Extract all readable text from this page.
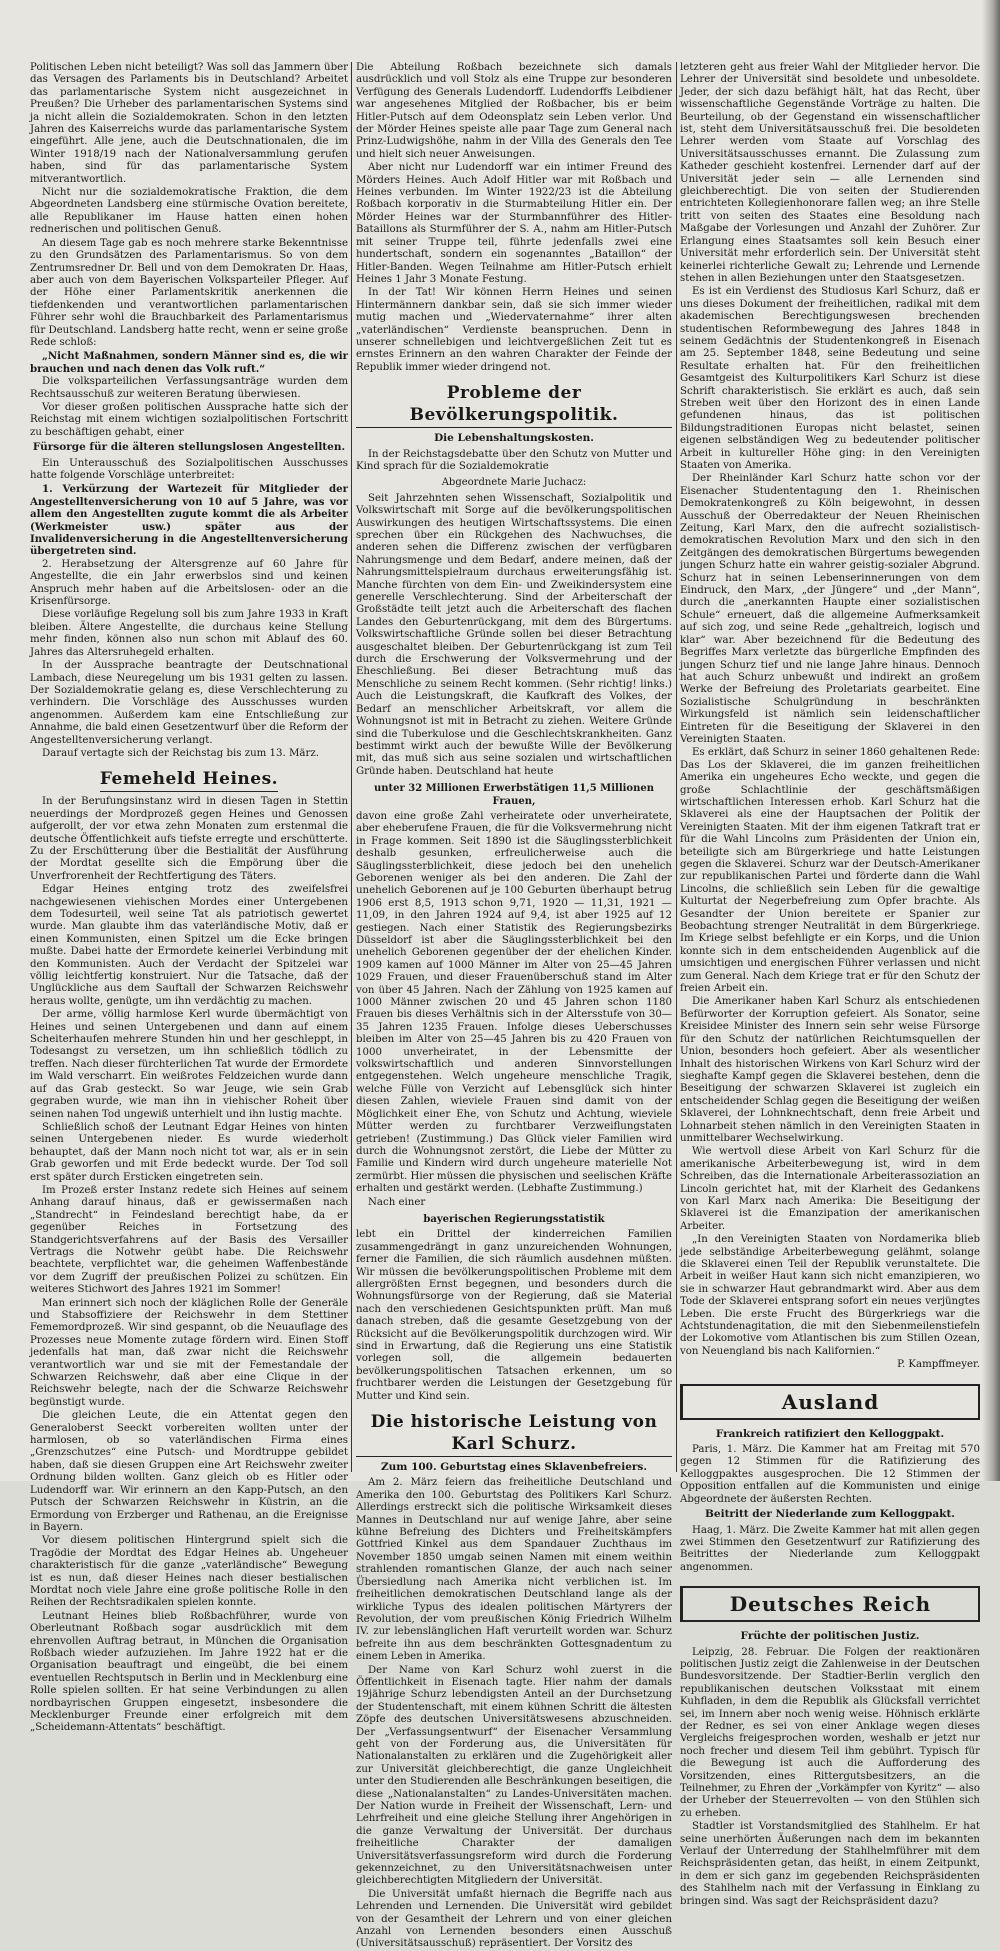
Politischen Leben nicht beteiligt? Was soll das Jammern über das Versagen des Parlaments bis in Deutschland? Arbeitet das parlamentarische System nicht ausgezeichnet in Preußen? Die Urheber des parlamentarischen Systems sind ja nicht allein die Sozialdemokraten. Schon in den letzten Jahren des Kaiserreichs wurde das parlamentarische System eingeführt. Alle jene, auch die Deutschnationalen, die im Winter 1918/19 nach der Nationalversammlung gerufen haben, sind für das parlamentarische System mitverantwortlich.

Nicht nur die sozialdemokratische Fraktion, die dem Abgeordneten Landsberg eine stürmische Ovation bereitete, alle Republikaner im Hause hatten einen hohen rednerischen und politischen Genuß.

An diesem Tage gab es noch mehrere starke Bekenntnisse zu den Grundsätzen des Parlamentarismus. So von dem Zentrumsredner Dr. Bell und von dem Demokraten Dr. Haas, aber auch von dem Bayerischen Volksparteiler Pfleger. Auf der Höhe einer Parlamentskritik anerkennen die tiefdenkenden und verantwortlichen parlamentarischen Führer sehr wohl die Brauchbarkeit des Parlamentarismus für Deutschland. Landsberg hatte recht, wenn er seine große Rede schloß:

„Nicht Maßnahmen, sondern Männer sind es, die wir brauchen und nach denen das Volk ruft.“

Die volksparteilichen Verfassungsanträge wurden dem Rechtsausschuß zur weiteren Beratung überwiesen.

Vor dieser großen politischen Aussprache hatte sich der Reichstag mit einem wichtigen sozialpolitischen Fortschritt zu beschäftigen gehabt, einer

Fürsorge für die älteren stellungslosen Angestellten.

Ein Unterausschuß des Sozialpolitischen Ausschusses hatte folgende Vorschläge unterbreitet:

1. Verkürzung der Wartezeit für Mitglieder der Angestelltenversicherung von 10 auf 5 Jahre, was vor allem den Angestellten zugute kommt die als Arbeiter (Werkmeister usw.) später aus der Invalidenversicherung in die Angestelltenversicherung übergetreten sind.

2. Herabsetzung der Altersgrenze auf 60 Jahre für Angestellte, die ein Jahr erwerbslos sind und keinen Anspruch mehr haben auf die Arbeitslosen- oder an die Krisenfürsorge.

Diese vorläufige Regelung soll bis zum Jahre 1933 in Kraft bleiben. Ältere Angestellte, die durchaus keine Stellung mehr finden, können also nun schon mit Ablauf des 60. Jahres das Altersruhegeld erhalten.

In der Aussprache beantragte der Deutschnational Lambach, diese Neuregelung um bis 1931 gelten zu lassen. Der Sozialdemokratie gelang es, diese Verschlechterung zu verhindern. Die Vorschläge des Ausschusses wurden angenommen. Außerdem kam eine Entschließung zur Annahme, die bald einen Gesetzentwurf über die Reform der Angestelltenversicherung verlangt.

Darauf vertagte sich der Reichstag bis zum 13. März.

Femeheld Heines.

In der Berufungsinstanz wird in diesen Tagen in Stettin neuerdings der Mordprozeß gegen Heines und Genossen aufgerollt, der vor etwa zehn Monaten zum erstenmal die deutsche Öffentlichkeit aufs tiefste erregte und erschütterte. Zu der Erschütterung über die Bestialität der Ausführung der Mordtat gesellte sich die Empörung über die Unverfrorenheit der Rechtfertigung des Täters.

Edgar Heines entging trotz des zweifelsfrei nachgewiesenen viehischen Mordes einer Untergebenen dem Todesurteil, weil seine Tat als patriotisch gewertet wurde. Man glaubte ihm das vaterländische Motiv, daß er einen Kommunisten, einen Spitzel um die Ecke bringen mußte. Dabei hatte der Ermordete keinerlei Verbindung mit den Kommunisten. Auch der Verdacht der Spitzelei war völlig leichtfertig konstruiert. Nur die Tatsache, daß der Unglückliche aus dem Sauftall der Schwarzen Reichswehr heraus wollte, genügte, um ihn verdächtig zu machen.

Der arme, völlig harmlose Kerl wurde übermächtigt von Heines und seinen Untergebenen und dann auf einem Scheiterhaufen mehrere Stunden hin und her geschleppt, in Todesangst zu versetzen, um ihn schließlich tödlich zu treffen. Nach dieser fürchterlichen Tat wurde der Ermordete im Wald verscharrt. Ein weißrotes Feldzeichen wurde dann auf das Grab gesteckt. So war Jeuge, wie sein Grab gegraben wurde, wie man ihn in viehischer Roheit über seinen nahen Tod ungewiß unterhielt und ihn lustig machte.

Schließlich schoß der Leutnant Edgar Heines von hinten seinen Untergebenen nieder. Es wurde wiederholt behauptet, daß der Mann noch nicht tot war, als er in sein Grab geworfen und mit Erde bedeckt wurde. Der Tod soll erst später durch Ersticken eingetreten sein.

Im Prozeß erster Instanz redete sich Heines auf seinem Anhang darauf hinaus, daß er gewissermaßen nach „Standrecht“ in Feindesland berechtigt habe, da er gegenüber Reiches in Fortsetzung des Standgerichtsverfahrens auf der Basis des Versailler Vertrags die Notwehr geübt habe. Die Reichswehr beachtete, verpflichtet war, die geheimen Waffenbestände vor dem Zugriff der preußischen Polizei zu schützen. Ein weiteres Stichwort des Jahres 1921 im Sommer!

Man erinnert sich noch der kläglichen Rolle der Generäle und Stabsoffiziere der Reichswehr in dem Stettiner Fememordprozeß. Wir sind gespannt, ob die Neuauflage des Prozesses neue Momente zutage fördern wird. Einen Stoff jedenfalls hat man, daß zwar nicht die Reichswehr verantwortlich war und sie mit der Femestandale der Schwarzen Reichswehr, daß aber eine Clique in der Reichswehr belegte, nach der die Schwarze Reichswehr begünstigt wurde.

Die gleichen Leute, die ein Attentat gegen den Generaloberst Seeckt vorbereiten wollten unter der harmlosen, ob so vaterländischen Firma eines „Grenzschutzes“ eine Putsch- und Mordtruppe gebildet haben, daß sie diesen Gruppen eine Art Reichswehr zweiter Ordnung bilden wollten. Ganz gleich ob es Hitler oder Ludendorff war. Wir erinnern an den Kapp-Putsch, an den Putsch der Schwarzen Reichswehr in Küstrin, an die Ermordung von Erzberger und Rathenau, an die Ereignisse in Bayern.

Vor diesem politischen Hintergrund spielt sich die Tragödie der Mordtat des Edgar Heines ab. Ungeheuer charakteristisch für die ganze „vaterländische“ Bewegung ist es nun, daß dieser Heines nach dieser bestialischen Mordtat noch viele Jahre eine große politische Rolle in den Reihen der Rechtsradikalen spielen konnte.

Leutnant Heines blieb Roßbachführer, wurde von Oberleutnant Roßbach sogar ausdrücklich mit dem ehrenvollen Auftrag betraut, in München die Organisation Roßbach wieder aufzuziehen. Im Jahre 1922 hat er die Organisation beauftragt und eingeübt, die bei einem eventuellen Rechtsputsch in Berlin und in Mecklenburg eine Rolle spielen sollten. Er hat seine Verbindungen zu allen nordbayrischen Gruppen eingesetzt, insbesondere die Mecklenburger Freunde einer erfolgreich mit dem „Scheidemann-Attentats“ beschäftigt.

Die Abteilung Roßbach bezeichnete sich damals ausdrücklich und voll Stolz als eine Truppe zur besonderen Verfügung des Generals Ludendorff. Ludendorffs Leibdiener war angesehenes Mitglied der Roßbacher, bis er beim Hitler-Putsch auf dem Odeonsplatz sein Leben verlor. Und der Mörder Heines speiste alle paar Tage zum General nach Prinz-Ludwigshöhe, nahm in der Villa des Generals den Tee und hielt sich neuer Anweisungen.

Aber nicht nur Ludendorff war ein intimer Freund des Mörders Heines. Auch Adolf Hitler war mit Roßbach und Heines verbunden. Im Winter 1922/23 ist die Abteilung Roßbach korporativ in die Sturmabteilung Hitler ein. Der Mörder Heines war der Sturmbannführer des Hitler-Bataillons als Sturmführer der S. A., nahm am Hitler-Putsch mit seiner Truppe teil, führte jedenfalls zwei eine hundertschaft, sondern ein sogenanntes „Bataillon“ der Hitler-Banden. Wegen Teilnahme am Hitler-Putsch erhielt Heines 1 Jahr 3 Monate Festung.

In der Tat! Wir können Herrn Heines und seinen Hintermännern dankbar sein, daß sie sich immer wieder mutig machen und „Wiedervaternahme“ ihrer alten „vaterländischen“ Verdienste beanspruchen. Denn in unserer schnellebigen und leichtvergeßlichen Zeit tut es ernstes Erinnern an den wahren Charakter der Feinde der Republik immer wieder dringend not.

Probleme der Bevölkerungspolitik.
Die Lebenshaltungskosten.

In der Reichstagsdebatte über den Schutz von Mutter und Kind sprach für die Sozialdemokratie

Abgeordnete Marie Juchacz:

Seit Jahrzehnten sehen Wissenschaft, Sozialpolitik und Volkswirtschaft mit Sorge auf die bevölkerungspolitischen Auswirkungen des heutigen Wirtschaftssystems. Die einen sprechen über ein Rückgehen des Nachwuchses, die anderen sehen die Differenz zwischen der verfügbaren Nahrungsmenge und dem Bedarf, andere meinen, daß der Nahrungsmittelspielraum durchaus erweiterungsfähig ist. Manche fürchten von dem Ein- und Zweikindersystem eine generelle Verschlechterung. Sind der Arbeiterschaft der Großstädte teilt jetzt auch die Arbeiterschaft des flachen Landes den Geburtenrückgang, mit dem des Bürgertums. Volkswirtschaftliche Gründe sollen bei dieser Betrachtung ausgeschaltet bleiben. Der Geburtenrückgang ist zum Teil durch die Erschwerung der Volksvermehrung und der Eheschließung. Bei dieser Betrachtung muß das Menschliche zu seinem Recht kommen. (Sehr richtig! links.) Auch die Leistungskraft, die Kaufkraft des Volkes, der Bedarf an menschlicher Arbeitskraft, vor allem die Wohnungsnot ist mit in Betracht zu ziehen. Weitere Gründe sind die Tuberkulose und die Geschlechtskrankheiten. Ganz bestimmt wirkt auch der bewußte Wille der Bevölkerung mit, das muß sich aus seine sozialen und wirtschaftlichen Gründe haben. Deutschland hat heute

unter 32 Millionen Erwerbstätigen 11,5 Millionen Frauen,

davon eine große Zahl verheiratete oder unverheiratete, aber eheberufene Frauen, die für die Volksvermehrung nicht in Frage kommen. Seit 1890 ist die Säuglingssterblichkeit deshalb gesunken, erfreulicherweise auch die Säuglingssterblichkeit, diese jedoch bei den unehelich Geborenen weniger als bei den anderen. Die Zahl der unehelich Geborenen auf je 100 Geburten überhaupt betrug 1906 erst 8,5, 1913 schon 9,71, 1920 — 11,31, 1921 — 11,09, in den Jahren 1924 auf 9,4, ist aber 1925 auf 12 gestiegen. Nach einer Statistik des Regierungsbezirks Düsseldorf ist aber die Säuglingssterblichkeit bei den unehelich Geborenen gegenüber der der ehelichen Kinder. 1909 kamen auf 1000 Männer im Alter von 25—45 Jahren 1029 Frauen, und dieser Frauenüberschuß stand im Alter von über 45 Jahren. Nach der Zählung von 1925 kamen auf 1000 Männer zwischen 20 und 45 Jahren schon 1180 Frauen bis dieses Verhältnis sich in der Altersstufe von 30—35 Jahren 1235 Frauen. Infolge dieses Ueberschusses bleiben im Alter von 25—45 Jahren bis zu 420 Frauen von 1000 unverheiratet, in der Lebensmitte der volkswirtschaftlich und anderen Sinnvorstellungen entgegenstehen. Welch ungeheure menschliche Tragik, welche Fülle von Verzicht auf Lebensglück sich hinter diesen Zahlen, wieviele Frauen sind damit von der Möglichkeit einer Ehe, von Schutz und Achtung, wieviele Mütter werden zu furchtbarer Verzweiflungstaten getrieben! (Zustimmung.) Das Glück vieler Familien wird durch die Wohnungsnot zerstört, die Liebe der Mütter zu Familie und Kindern wird durch ungeheure materielle Not zermürbt. Hier müssen die physischen und seelischen Kräfte erhalten und gestärkt werden. (Lebhafte Zustimmung.)

Nach einer

bayerischen Regierungsstatistik

lebt ein Drittel der kinderreichen Familien zusammengedrängt in ganz unzureichenden Wohnungen, ferner die Familien, die sich räumlich ausdehnen müßten. Wir müssen die bevölkerungspolitischen Probleme mit dem allergrößten Ernst begegnen, und besonders durch die Wohnungsfürsorge von der Regierung, daß sie Material nach den verschiedenen Gesichtspunkten prüft. Man muß danach streben, daß die gesamte Gesetzgebung von der Rücksicht auf die Bevölkerungspolitik durchzogen wird. Wir sind in Erwartung, daß die Regierung uns eine Statistik vorlegen soll, die allgemein bedauerten bevölkerungspolitischen Tatsachen erkennen, um so fruchtbarer werden die Leistungen der Gesetzgebung für Mutter und Kind sein.

Die historische Leistung von Karl Schurz.
Zum 100. Geburtstag eines Sklavenbefreiers.

Am 2. März feiern das freiheitliche Deutschland und Amerika den 100. Geburtstag des Politikers Karl Schurz. Allerdings erstreckt sich die politische Wirksamkeit dieses Mannes in Deutschland nur auf wenige Jahre, aber seine kühne Befreiung des Dichters und Freiheitskämpfers Gottfried Kinkel aus dem Spandauer Zuchthaus im November 1850 umgab seinen Namen mit einem weithin strahlenden romantischen Glanze, der auch nach seiner Übersiedlung nach Amerika nicht verblichen ist. Im freiheitlichen demokratischen Deutschland lange als der wirkliche Typus des idealen politischen Märtyrers der Revolution, der vom preußischen König Friedrich Wilhelm IV. zur lebenslänglichen Haft verurteilt worden war. Schurz befreite ihn aus dem beschränkten Gottesgnadentum zu einem Leben in Amerika.

Der Name von Karl Schurz wohl zuerst in die Öffentlichkeit in Eisenach tagte. Hier nahm der damals 19jährige Schurz lebendigsten Anteil an der Durchsetzung der Studentenschaft, mit einem kühnen Schritt die ältesten Zöpfe des deutschen Universitätswesens abzuschneiden. Der „Verfassungsentwurf“ der Eisenacher Versammlung geht von der Forderung aus, die Universitäten für Nationalanstalten zu erklären und die Zugehörigkeit aller zur Universität gleichberechtigt, die ganze Ungleichheit unter den Studierenden alle Beschränkungen beseitigen, die diese „Nationalanstalten“ zu Landes-Universitäten machen. Der Nation wurde in Freiheit der Wissenschaft, Lern- und Lehrfreiheit und eine gleiche Stellung ihrer Angehörigen in die ganze Verwaltung der Universität. Der durchaus freiheitliche Charakter der damaligen Universitätsverfassungsreform wird durch die Forderung gekennzeichnet, zu den Universitätsnachweisen unter gleichberechtigten Mitgliedern der Universität.

Die Universität umfaßt hiernach die Begriffe nach aus Lehrenden und Lernenden. Die Universität wird gebildet von der Gesamtheit der Lehrern und von einer gleichen Anzahl von Lernenden besonders einen Ausschuß (Universitätsausschuß) repräsentiert. Der Vorsitz des

letzteren geht aus freier Wahl der Mitglieder hervor. Die Lehrer der Universität sind besoldete und unbesoldete. Jeder, der sich dazu befähigt hält, hat das Recht, über wissenschaftliche Gegenstände Vorträge zu halten. Die Beurteilung, ob der Gegenstand ein wissenschaftlicher ist, steht dem Universitätsausschuß frei. Die besoldeten Lehrer werden vom Staate auf Vorschlag des Universitätsausschusses ernannt. Die Zulassung zum Katheder geschieht kostenfrei. Lernender darf auf der Universität jeder sein — alle Lernenden sind gleichberechtigt. Die von seiten der Studierenden entrichteten Kollegienhonorare fallen weg; an ihre Stelle tritt von seiten des Staates eine Besoldung nach Maßgabe der Vorlesungen und Anzahl der Zuhörer. Zur Erlangung eines Staatsamtes soll kein Besuch einer Universität mehr erforderlich sein. Der Universität steht keinerlei richterliche Gewalt zu; Lehrende und Lernende stehen in allen Beziehungen unter den Staatsgesetzen.

Es ist ein Verdienst des Studiosus Karl Schurz, daß er uns dieses Dokument der freiheitlichen, radikal mit dem akademischen Berechtigungswesen brechenden studentischen Reformbewegung des Jahres 1848 in seinem Gedächtnis der Studentenkongreß in Eisenach am 25. September 1848, seine Bedeutung und seine Resultate erhalten hat. Für den freiheitlichen Gesamtgeist des Kulturpolitikers Karl Schurz ist diese Schrift charakteristisch. Sie erklärt es auch, daß sein Streben weit über den Horizont des in einen Lande gefundenen hinaus, das ist politischen Bildungstraditionen Europas nicht belastet, seinen eigenen selbständigen Weg zu bedeutender politischer Arbeit in kultureller Höhe ging: in den Vereinigten Staaten von Amerika.

Der Rheinländer Karl Schurz hatte schon vor der Eisenacher Studententagung den 1. Rheinischen Demokratenkongreß zu Köln beigewohnt, in dessen Ausschuß der Oberredakteur der Neuen Rheinischen Zeitung, Karl Marx, den die aufrecht sozialistisch-demokratischen Revolution Marx und den sich in den Zeitgängen des demokratischen Bürgertums bewegenden jungen Schurz hatte ein wahrer geistig-sozialer Abgrund. Schurz hat in seinen Lebenserinnerungen von dem Eindruck, den Marx, „der Jüngere“ und „der Mann“, durch die „anerkannten Haupte einer sozialistischen Schule“ erneuert, daß die allgemeine Aufmerksamkeit auf sich zog, und seine Rede „gehaltreich, logisch und klar“ war. Aber bezeichnend für die Bedeutung des Begriffes Marx verletzte das bürgerliche Empfinden des jungen Schurz tief und nie lange Jahre hinaus. Dennoch hat auch Schurz unbewußt und indirekt an großem Werke der Befreiung des Proletariats gearbeitet. Eine Sozialistische Schulgründung in beschränkten Wirkungsfeld ist nämlich sein leidenschaftlicher Eintreten für die Beseitigung der Sklaverei in den Vereinigten Staaten.

Es erklärt, daß Schurz in seiner 1860 gehaltenen Rede: Das Los der Sklaverei, die im ganzen freiheitlichen Amerika ein ungeheures Echo weckte, und gegen die große Schlachtlinie der geschäftsmäßigen wirtschaftlichen Interessen erhob. Karl Schurz hat die Sklaverei als eine der Hauptsachen der Politik der Vereinigten Staaten. Mit der ihm eigenen Tatkraft trat er für die Wahl Lincolns zum Präsidenten der Union ein, beteiligte sich am Bürgerkriege und hatte Leistungen gegen die Sklaverei. Schurz war der Deutsch-Amerikaner zur republikanischen Partei und förderte dann die Wahl Lincolns, die schließlich sein Leben für die gewaltige Kulturtat der Negerbefreiung zum Opfer brachte. Als Gesandter der Union bereitete er Spanier zur Beobachtung strenger Neutralität in dem Bürgerkriege. Im Kriege selbst befehligte er ein Korps, und die Union konnte sich in dem entscheidenden Augenblick auf die umsichtigen und energischen Führer verlassen und nicht zum General. Nach dem Kriege trat er für den Schutz der freien Arbeit ein.

Die Amerikaner haben Karl Schurz als entschiedenen Befürworter der Korruption gefeiert. Als Sonator, seine Kreisidee Minister des Innern sein sehr weise Fürsorge für den Schutz der natürlichen Reichtumsquellen der Union, besonders hoch gefeiert. Aber als wesentlicher Inhalt des historischen Wirkens von Karl Schurz wird der sieghafte Kampf gegen die Sklaverei bestehen, denn die Beseitigung der schwarzen Sklaverei ist zugleich ein entscheidender Schlag gegen die Beseitigung der weißen Sklaverei, der Lohnknechtschaft, denn freie Arbeit und Lohnarbeit stehen nämlich in den Vereinigten Staaten in unmittelbarer Wechselwirkung.

Wie wertvoll diese Arbeit von Karl Schurz für die amerikanische Arbeiterbewegung ist, wird in dem Schreiben, das die Internationale Arbeiterassoziation an Lincoln gerichtet hat, mit der Klarheit des Gedankens von Karl Marx nach Amerika: Die Beseitigung der Sklaverei ist die Emanzipation der amerikanischen Arbeiter.

„In den Vereinigten Staaten von Nordamerika blieb jede selbständige Arbeiterbewegung gelähmt, solange die Sklaverei einen Teil der Republik verunstaltete. Die Arbeit in weißer Haut kann sich nicht emanzipieren, wo sie in schwarzer Haut gebrandmarkt wird. Aber aus dem Tode der Sklaverei entsprang sofort ein neues verjüngtes Leben. Die erste Frucht des Bürgerkriegs war die Achtstundenagitation, die mit den Siebenmeilenstiefeln der Lokomotive vom Atlantischen bis zum Stillen Ozean, von Neuengland bis nach Kalifornien.“

P. Kampffmeyer.

Ausland
Frankreich ratifiziert den Kelloggpakt.

Paris, 1. März. Die Kammer hat am Freitag mit 570 gegen 12 Stimmen für die Ratifizierung des Kelloggpaktes ausgesprochen. Die 12 Stimmen der Opposition entfallen auf die Kommunisten und einige Abgeordnete der äußersten Rechten.

Beitritt der Niederlande zum Kelloggpakt.

Haag, 1. März. Die Zweite Kammer hat mit allen gegen zwei Stimmen den Gesetzentwurf zur Ratifizierung des Beitrittes der Niederlande zum Kelloggpakt angenommen.

Deutsches Reich
Früchte der politischen Justiz.

Leipzig, 28. Februar. Die Folgen der reaktionären politischen Justiz zeigt die Zahlenweise in der Deutschen Bundesvorsitzende. Der Stadtier-Berlin verglich den republikanischen deutschen Volksstaat mit einem Kuhfladen, in dem die Republik als Glücksfall verrichtet sei, im Innern aber noch wenig weise. Höhnisch erklärte der Redner, es sei von einer Anklage wegen dieses Vergleichs freigesprochen worden, weshalb er jetzt nur noch frecher und diesem Teil ihm gebührt. Typisch für die Bewegung ist auch die Aufforderung des Vorsitzenden, eines Rittergutsbesitzers, an die Teilnehmer, zu Ehren der „Vorkämpfer von Kyritz“ — also der Urheber der Steuerrevolten — von den Stühlen sich zu erheben.

Stadtler ist Vorstandsmitglied des Stahlhelm. Er hat seine unerhörten Äußerungen nach dem im bekannten Verlauf der Unterredung der Stahlhelmführer mit dem Reichspräsidenten getan, das heißt, in einem Zeitpunkt, in dem er sich ganz im gegebenden Reichspräsidenten des Stahlhelm nach mit der Verfassung in Einklang zu bringen sind. Was sagt der Reichspräsident dazu?
